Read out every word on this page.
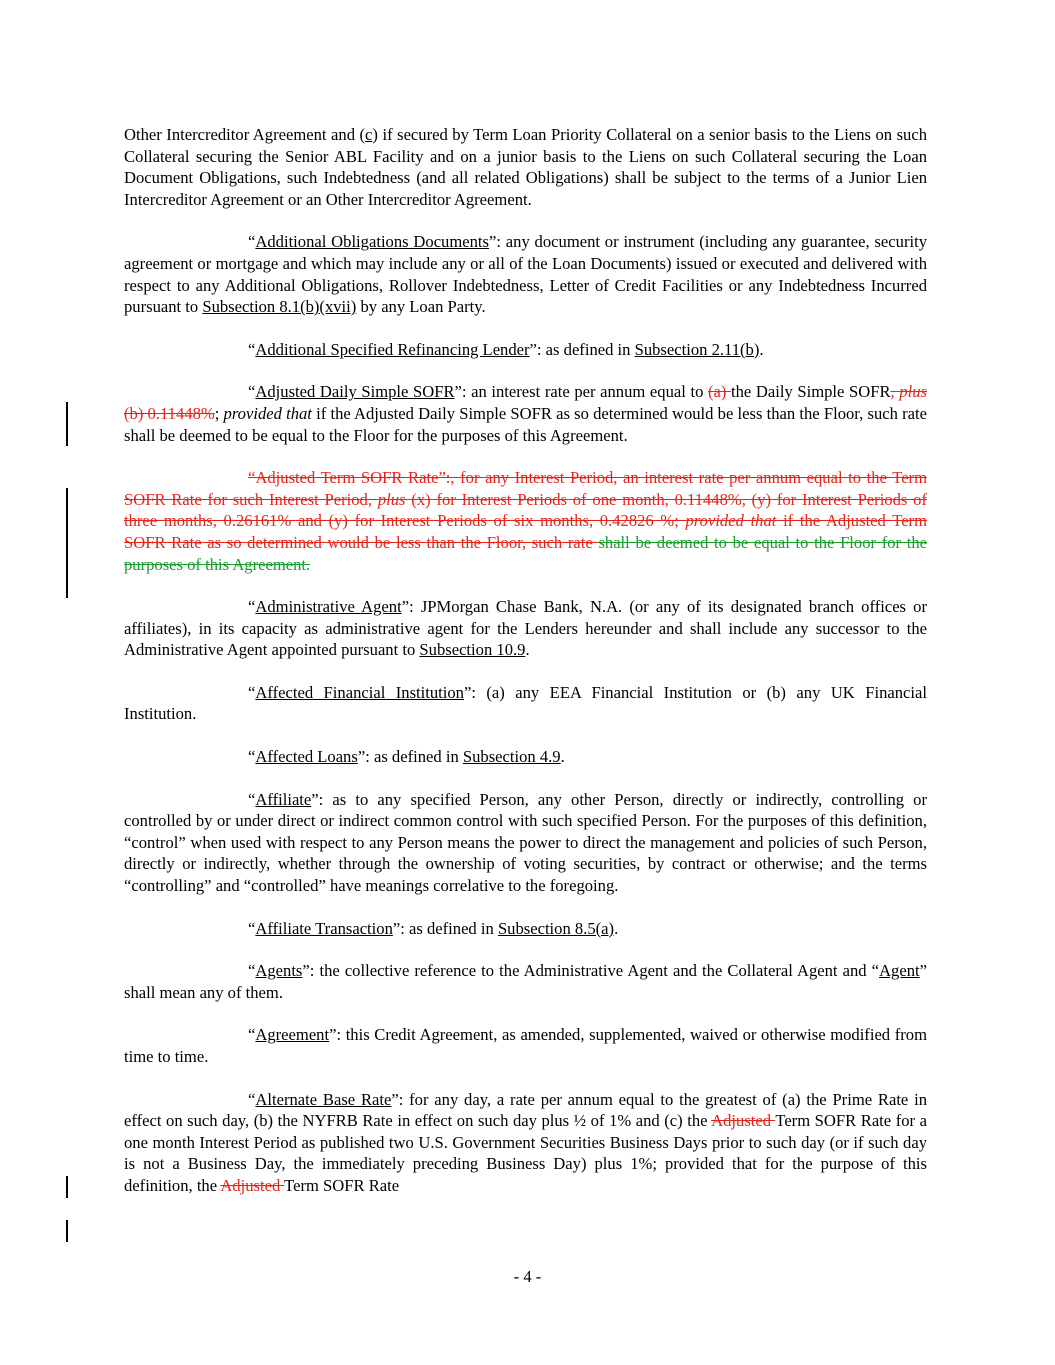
Other Intercreditor Agreement and (c) if secured by Term Loan Priority Collateral on a senior basis to the Liens on such Collateral securing the Senior ABL Facility and on a junior basis to the Liens on such Collateral securing the Loan Document Obligations, such Indebtedness (and all related Obligations) shall be subject to the terms of a Junior Lien Intercreditor Agreement or an Other Intercreditor Agreement.

“Additional Obligations Documents”: any document or instrument (including any guarantee, security agreement or mortgage and which may include any or all of the Loan Documents) issued or executed and delivered with respect to any Additional Obligations, Rollover Indebtedness, Letter of Credit Facilities or any Indebtedness Incurred pursuant to Subsection 8.1(b)(xvii) by any Loan Party.

“Additional Specified Refinancing Lender”: as defined in Subsection 2.11(b).

“Adjusted Daily Simple SOFR”: an interest rate per annum equal to (a) the Daily Simple SOFR, plus (b) 0.11448%; provided that if the Adjusted Daily Simple SOFR as so determined would be less than the Floor, such rate shall be deemed to be equal to the Floor for the purposes of this Agreement.

“Adjusted Term SOFR Rate”:, for any Interest Period, an interest rate per annum equal to the Term SOFR Rate for such Interest Period, plus (x) for Interest Periods of one month, 0.11448%, (y) for Interest Periods of three months, 0.26161% and (y) for Interest Periods of six months, 0.42826 %; provided that if the Adjusted Term SOFR Rate as so determined would be less than the Floor, such rate shall be deemed to be equal to the Floor for the purposes of this Agreement.

“Administrative Agent”: JPMorgan Chase Bank, N.A. (or any of its designated branch offices or affiliates), in its capacity as administrative agent for the Lenders hereunder and shall include any successor to the Administrative Agent appointed pursuant to Subsection 10.9.

“Affected Financial Institution”: (a) any EEA Financial Institution or (b) any UK Financial Institution.

“Affected Loans”: as defined in Subsection 4.9.

“Affiliate”: as to any specified Person, any other Person, directly or indirectly, controlling or controlled by or under direct or indirect common control with such specified Person. For the purposes of this definition, “control” when used with respect to any Person means the power to direct the management and policies of such Person, directly or indirectly, whether through the ownership of voting securities, by contract or otherwise; and the terms “controlling” and “controlled” have meanings correlative to the foregoing.

“Affiliate Transaction”: as defined in Subsection 8.5(a).

“Agents”: the collective reference to the Administrative Agent and the Collateral Agent and “Agent” shall mean any of them.

“Agreement”: this Credit Agreement, as amended, supplemented, waived or otherwise modified from time to time.

“Alternate Base Rate”: for any day, a rate per annum equal to the greatest of (a) the Prime Rate in effect on such day, (b) the NYFRB Rate in effect on such day plus ½ of 1% and (c) the Adjusted Term SOFR Rate for a one month Interest Period as published two U.S. Government Securities Business Days prior to such day (or if such day is not a Business Day, the immediately preceding Business Day) plus 1%; provided that for the purpose of this definition, the Adjusted Term SOFR Rate

- 4 -
